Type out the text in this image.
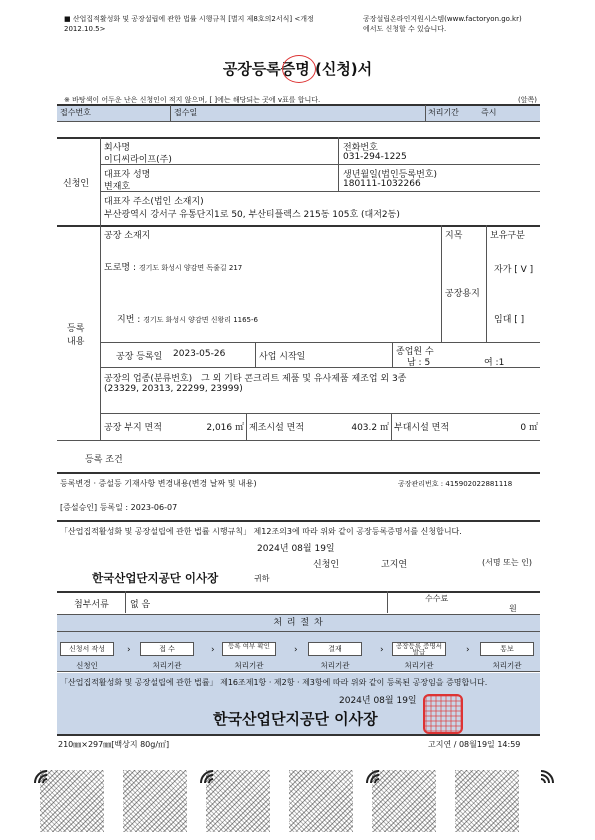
■ 산업집적활성화 및 공장설립에 관한 법률 시행규칙 [별지 제8호의2서식] <개정 2012.10.5>
공장설립온라인지원시스템(www.factoryon.go.kr)
에서도 신청할 수 있습니다.
공장등록증명 (신청)서
※ 바탕색이 어두운 난은 신청인이 적지 않으며, [ ]에는 해당되는 곳에 v표를 합니다.	(앞쪽)
접수번호	접수일	처리기간	즉시
신청인
회사명
이디씨라이프(주)
전화번호
031-294-1225
대표자 성명
변재호
생년월일(법인등록번호)
180111-1032266
대표자 주소(법인 소재지)
부산광역시 강서구 유통단지1로 50, 부산티플렉스 215동 105호 (대저2동)
등록
내용
공장 소재지
도로명 : 경기도 화성시 양감면 독줄길 217
지번 : 경기도 화성시 양감면 신왕리 1165-6
지목
공장용지
보유구분
자가 [ V ]
임대 [ ]
공장 등록일 2023-05-26	사업 시작일	종업원 수
남 : 5	여 :1
공장의 업종(분류번호) 그 외 기타 콘크리트 제품 및 유사제품 제조업 외 3종
(23329, 20313, 22299, 23999)
공장 부지 면적	2,016 ㎡ 제조시설 면적	403.2 ㎡ 부대시설 면적	0 ㎡
등록 조건
등록변경 · 증설등 기재사항 변경내용(변경 날짜 및 내용)	공장관리번호 : 415902022881118
[증설승인] 등록일 : 2023-06-07
「산업집적활성화 및 공장설립에 관한 법률 시행규칙」 제12조의3에 따라 위와 같이 공장등록증명서를 신청합니다.
2024년 08월 19일
신청인	고지연	(서명 또는 인)
한국산업단지공단 이사장	귀하
첨부서류 없 음
수수료
원
처 리 절 차
신청서 작성	›	접 수	›	등록 여부 확인	›	결재	›	공장등록 증명서발급	›	통보
신청인	처리기관	처리기관	처리기관	처리기관	처리기관
「산업집적활성화 및 공장설립에 관한 법률」 제16조제1항 · 제2항 · 제3항에 따라 위와 같이 등록된 공장임을 증명합니다.
2024년 08월 19일
한국산업단지공단 이사장
210㎜×297㎜[백상지 80g/㎡]	고지연 / 08월19일 14:59
